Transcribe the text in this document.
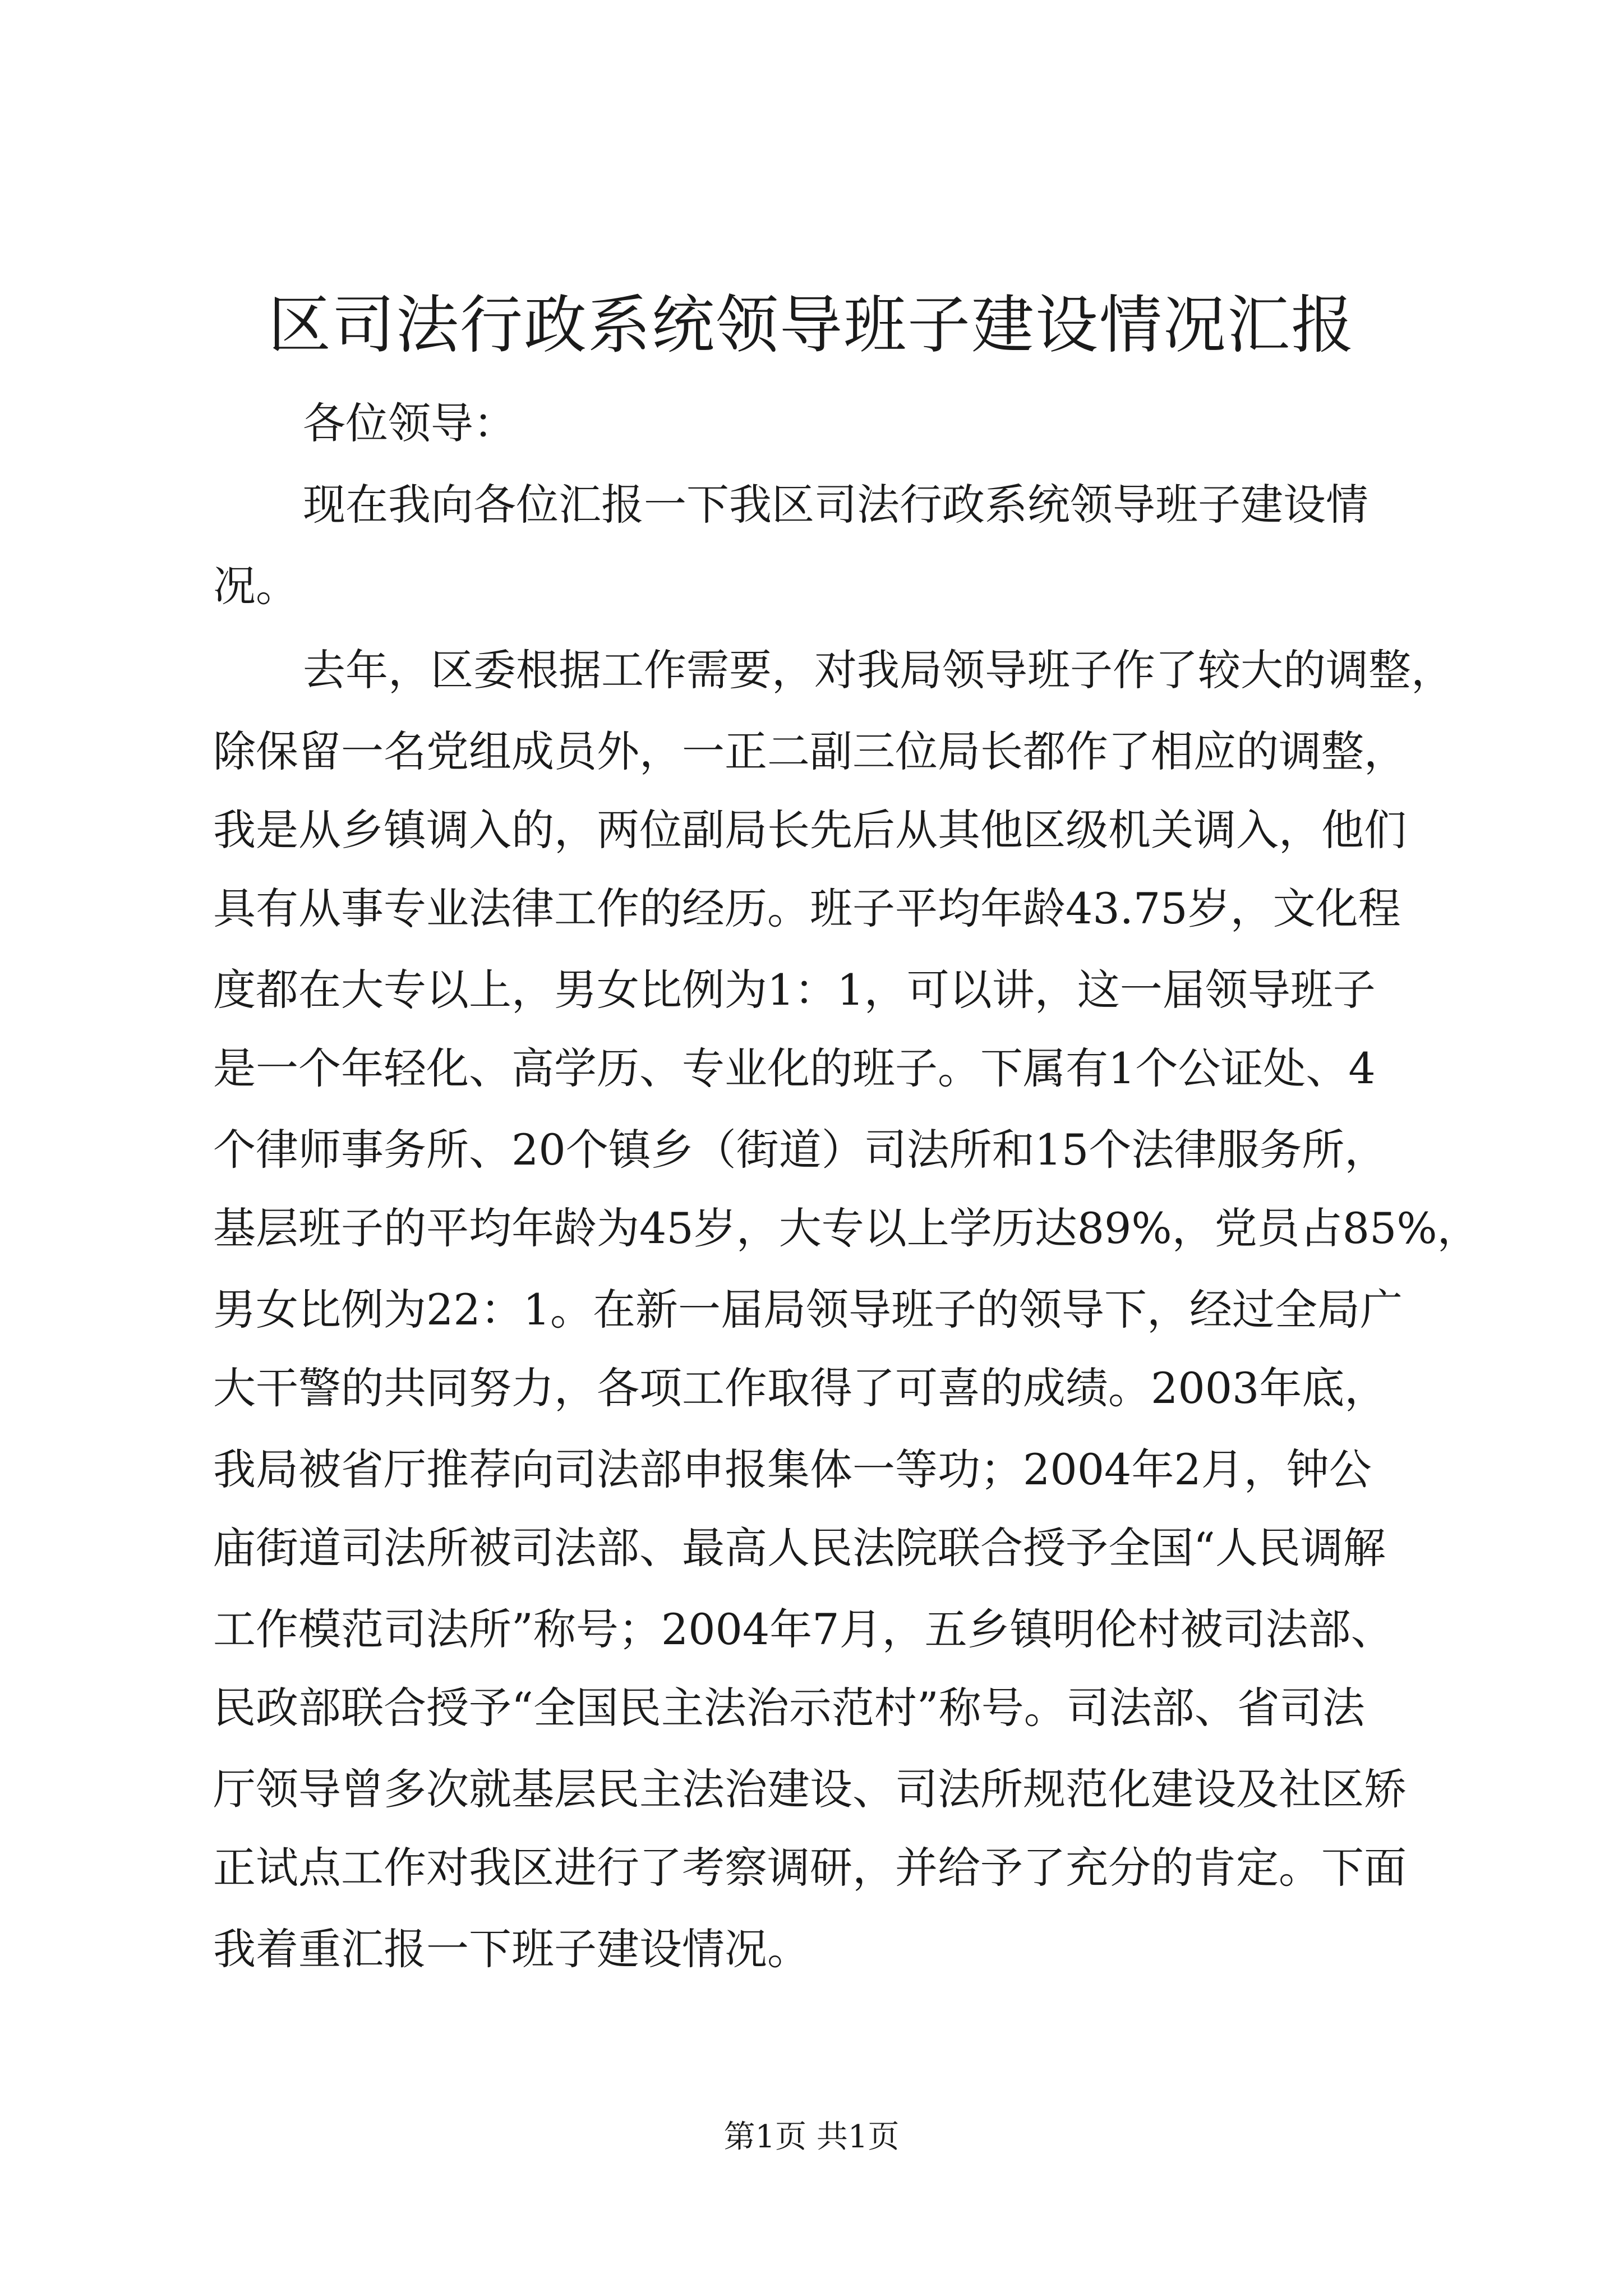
区司法行政系统领导班子建设情况汇报

各位领导：

现在我向各位汇报一下我区司法行政系统领导班子建设情

况。

去年，区委根据工作需要，对我局领导班子作了较大的调整，

除保留一名党组成员外，一正二副三位局长都作了相应的调整，

我是从乡镇调入的，两位副局长先后从其他区级机关调入，他们

具有从事专业法律工作的经历。班子平均年龄43.75岁，文化程

度都在大专以上，男女比例为1：1，可以讲，这一届领导班子

是一个年轻化、高学历、专业化的班子。下属有1个公证处、4

个律师事务所、20个镇乡（街道）司法所和15个法律服务所，

基层班子的平均年龄为45岁，大专以上学历达89%，党员占85%，

男女比例为22：1。在新一届局领导班子的领导下，经过全局广

大干警的共同努力，各项工作取得了可喜的成绩。2003年底，

我局被省厅推荐向司法部申报集体一等功；2004年2月，钟公

庙街道司法所被司法部、最高人民法院联合授予全国“人民调解

工作模范司法所”称号；2004年7月，五乡镇明伦村被司法部、

民政部联合授予“全国民主法治示范村”称号。司法部、省司法

厅领导曾多次就基层民主法治建设、司法所规范化建设及社区矫

正试点工作对我区进行了考察调研，并给予了充分的肯定。下面

我着重汇报一下班子建设情况。

第1页 共1页
